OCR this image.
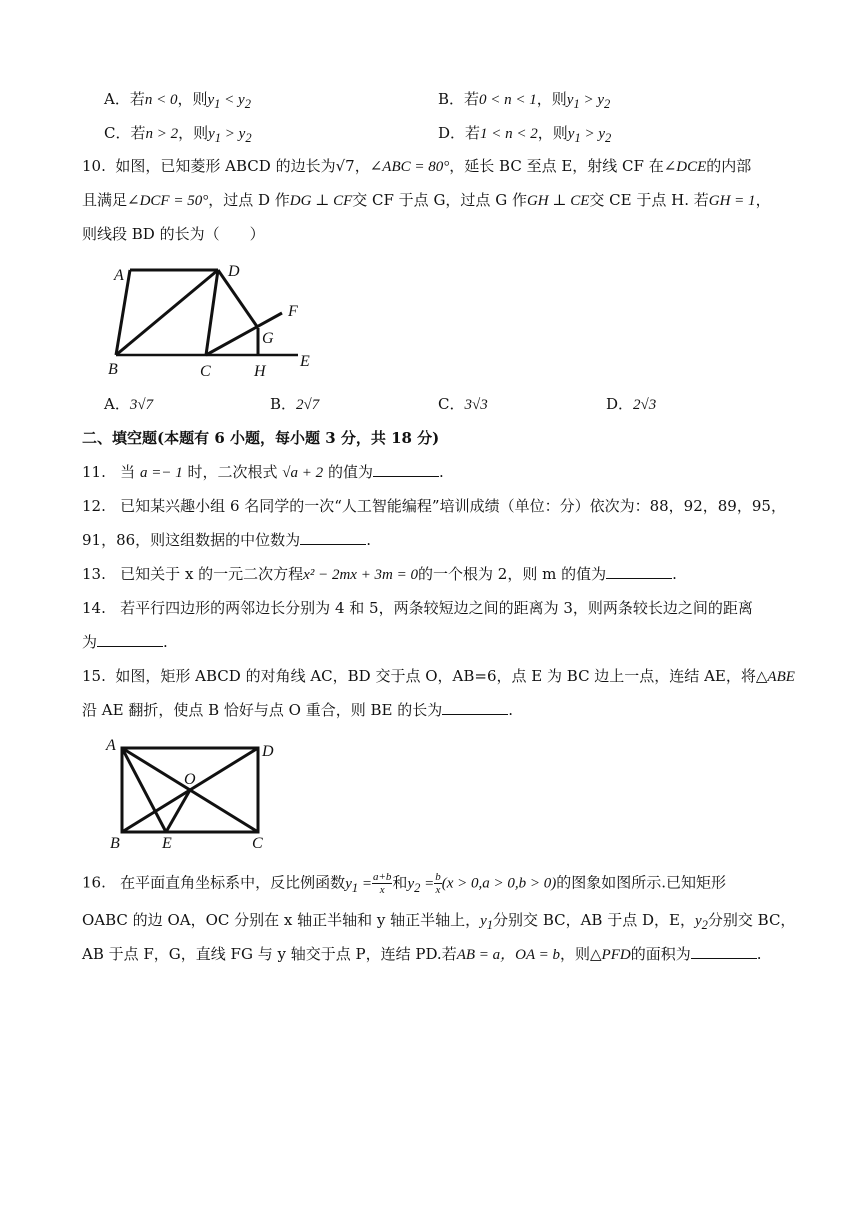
A．若n < 0，则$y_1 < y_2$	B．若0 < n < 1，则$y_1 > y_2$
C．若n > 2，则$y_1 > y_2$	D．若1 < n < 2，则$y_1 > y_2$
10. 如图，已知菱形 ABCD 的边长为√7，∠ABC = 80°，延长 BC 至点 E，射线 CF 在∠DCE的内部
且满足∠DCF = 50°，过点 D 作DG ⊥ CF交 CF 于点 G，过点 G 作GH ⊥ CE交 CE 于点 H. 若GH = 1，
则线段 BD 的长为（　　）
A	D
B	C	H
E
F
G
A．3√7	B．2√7	C．3√3	D．2√3
二、填空题(本题有 6 小题，每小题 3 分，共 18 分)
11. 当 a =− 1 时，二次根式 √a + 2 的值为	.
12. 已知某兴趣小组 6 名同学的一次“人工智能编程”培训成绩（单位：分）依次为：88，92，89，95，
91，86，则这组数据的中位数为	.
13. 已知关于 x 的一元二次方程x² − 2mx + 3m = 0的一个根为 2，则 m 的值为	.
14. 若平行四边形的两邻边长分别为 4 和 5，两条较短边之间的距离为 3，则两条较长边之间的距离
为	.
15. 如图，矩形 ABCD 的对角线 AC，BD 交于点 O，AB=6，点 E 为 BC 边上一点，连结 AE，将△ABE
沿 AE 翻折，使点 B 恰好与点 O 重合，则 BE 的长为	.
A	D
B	E	C
O
16. 在平面直角坐标系中，反比例函数$y_1 = \frac{a+b}{x}$ 和$y_2 = \frac{b}{x} (x > 0,a > 0,b > 0)$的图象如图所示.已知矩形
OABC 的边 OA，OC 分别在 x 轴正半轴和 y 轴正半轴上，$y_1$分别交 BC，AB 于点 D，E，$y_2$分别交 BC，
AB 于点 F，G，直线 FG 与 y 轴交于点 P，连结 PD.若AB = a，OA = b，则△PFD的面积为	.
